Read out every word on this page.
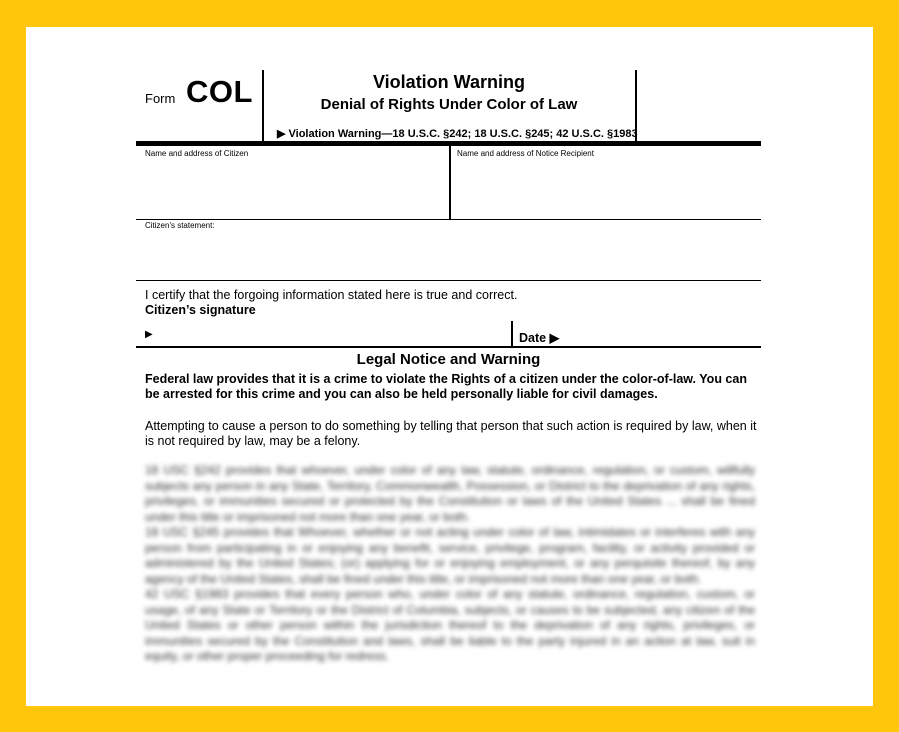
Form COL	Violation Warning
Denial of Rights Under Color of Law
▶ Violation Warning—18 U.S.C. §242; 18 U.S.C. §245; 42 U.S.C. §1983
Name and address of Citizen	Name and address of Notice Recipient
Citizen's statement:
I certify that the forgoing information stated here is true and correct.
Citizen’s signature
▶	Date ▶
Legal Notice and Warning
Federal law provides that it is a crime to violate the Rights of a citizen under the color-of-law. You can be arrested for this crime and you can also be held personally liable for civil damages.
Attempting to cause a person to do something by telling that person that such action is required by law, when it is not required by law, may be a felony.
18 USC §242 provides that whoever, under color of any law, statute, ordinance, regulation, or custom, willfully subjects any person in any State, Territory, Commonwealth, Possession, or District to the deprivation of any rights, privileges, or immunities secured or protected by the Constitution or laws of the United States ... shall be fined under this title or imprisoned not more than one year, or both.
18 USC §245 provides that Whoever, whether or not acting under color of law, intimidates or interferes with any person from participating in or enjoying any benefit, service, privilege, program, facility, or activity provided or administered by the United States; (or) applying for or enjoying employment, or any perquisite thereof, by any agency of the United States, shall be fined under this title, or imprisoned not more than one year, or both.
42 USC §1983 provides that every person who, under color of any statute, ordinance, regulation, custom, or usage, of any State or Territory or the District of Columbia, subjects, or causes to be subjected, any citizen of the United States or other person within the jurisdiction thereof to the deprivation of any rights, privileges, or immunities secured by the Constitution and laws, shall be liable to the party injured in an action at law, suit in equity, or other proper proceeding for redress.
